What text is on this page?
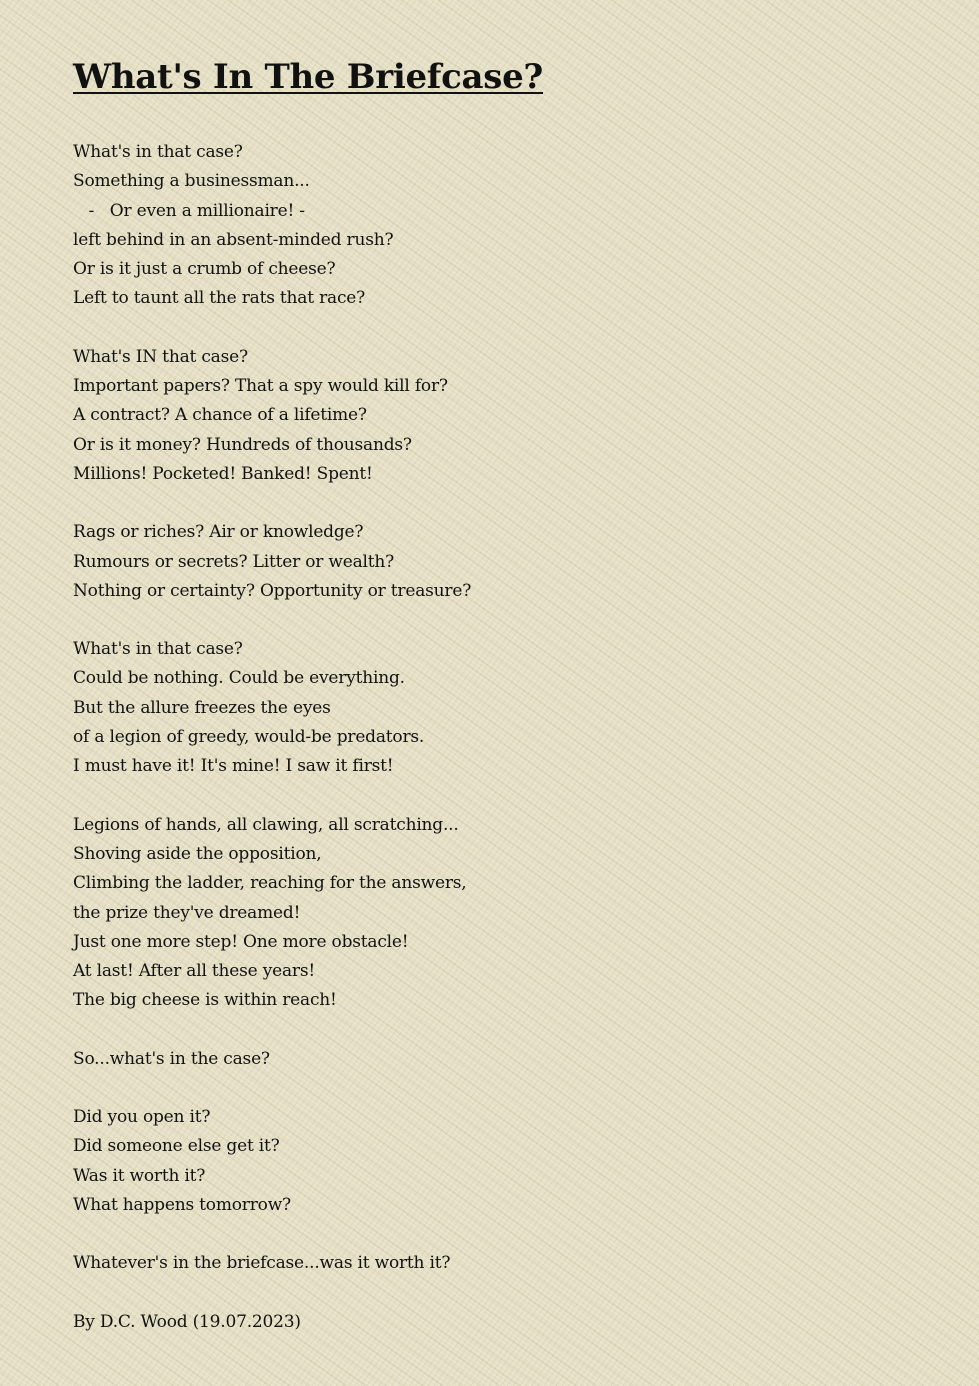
What's In The Briefcase?
What's in that case?
Something a businessman...
-   Or even a millionaire! -
left behind in an absent-minded rush?
Or is it just a crumb of cheese?
Left to taunt all the rats that race?
What's IN that case?
Important papers? That a spy would kill for?
A contract? A chance of a lifetime?
Or is it money? Hundreds of thousands?
Millions! Pocketed! Banked! Spent!
Rags or riches? Air or knowledge?
Rumours or secrets? Litter or wealth?
Nothing or certainty? Opportunity or treasure?
What's in that case?
Could be nothing. Could be everything.
But the allure freezes the eyes
of a legion of greedy, would-be predators.
I must have it! It's mine! I saw it first!
Legions of hands, all clawing, all scratching...
Shoving aside the opposition,
Climbing the ladder, reaching for the answers,
the prize they've dreamed!
Just one more step! One more obstacle!
At last! After all these years!
The big cheese is within reach!
So...what's in the case?
Did you open it?
Did someone else get it?
Was it worth it?
What happens tomorrow?
Whatever's in the briefcase...was it worth it?
By D.C. Wood (19.07.2023)
